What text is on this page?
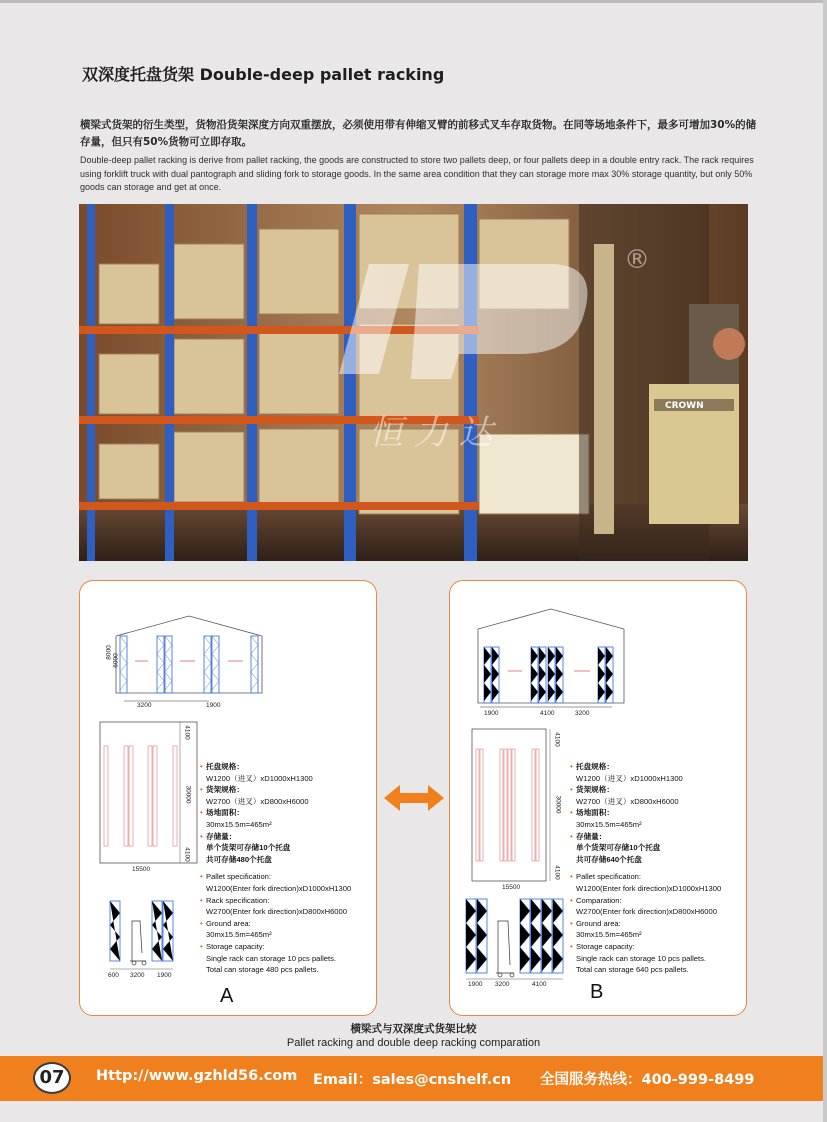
双深度托盘货架 Double-deep pallet racking

横梁式货架的衍生类型，货物沿货架深度方向双重摆放，必须使用带有伸缩叉臂的前移式叉车存取货物。在同等场地条件下，最多可增加30%的储存量，但只有50%货物可立即存取。

Double-deep pallet racking is derive from pallet racking, the goods are constructed to store two pallets deep, or four pallets deep in a double entry rack. The rack requires using forklift truck with dual pantograph and sliding fork to storage goods. In the same area condition that they can storage more max 30% storage quantity, but only 50% goods can storage and get at once.

CROWN
®
恒 力 达
8000
6000
3200	1900
4100
30000
4100
15500
600 3200 1900
• 托盘规格：
W1200（进叉）xD1000xH1300
• 货架规格：
W2700（进叉）xD800xH6000
• 场地面积：
30mx15.5m=465m²
• 存储量：
单个货架可存储10个托盘
共可存储480个托盘
• Pallet specification:
W1200(Enter fork direction)xD1000xH1300
• Rack specification:
W2700(Enter fork direction)xD800xH6000
• Ground area:
30mx15.5m=465m²
• Storage capacity:
Single rack can storage 10 pcs pallets.
Total can storage 480 pcs pallets.
A
1900	4100	3200
4100
30000
4100
15500
1900 3200	4100
• 托盘规格：
W1200（进叉）xD1000xH1300
• 货架规格：
W2700（进叉）xD800xH6000
• 场地面积：
30mx15.5m=465m²
• 存储量：
单个货架可存储10个托盘
共可存储640个托盘
• Pallet specification:
W1200(Enter fork direction)xD1000xH1300
• Comparation:
W2700(Enter fork direction)xD800xH6000
• Ground area:
30mx15.5m=465m²
• Storage capacity:
Single rack can storage 10 pcs pallets.
Total can storage 640 pcs pallets.
B
横梁式与双深度式货架比较
Pallet racking and double deep racking comparation
07	Http://www.gzhld56.com Email：sales@cnshelf.cn 全国服务热线：400-999-8499
